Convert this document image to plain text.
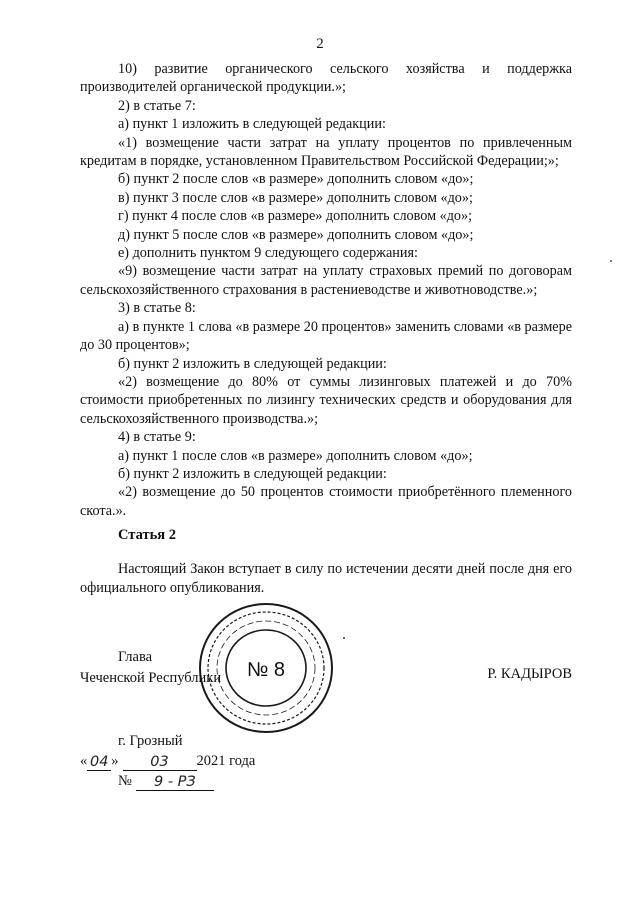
2

10) развитие органического сельского хозяйства и поддержка производителей органической продукции.»;

2) в статье 7:

а) пункт 1 изложить в следующей редакции:

«1) возмещение части затрат на уплату процентов по привлеченным кредитам в порядке, установленном Правительством Российской Федерации;»;

б) пункт 2 после слов «в размере» дополнить словом «до»;

в) пункт 3 после слов «в размере» дополнить словом «до»;

г) пункт 4 после слов «в размере» дополнить словом «до»;

д) пункт 5 после слов «в размере» дополнить словом «до»;

е) дополнить пунктом 9 следующего содержания:

«9) возмещение части затрат на уплату страховых премий по договорам сельскохозяйственного страхования в растениеводстве и животноводстве.»;

3) в статье 8:

а) в пункте 1 слова «в размере 20 процентов» заменить словами «в размере до 30 процентов»;

б) пункт 2 изложить в следующей редакции:

«2) возмещение до 80% от суммы лизинговых платежей и до 70% стоимости приобретенных по лизингу технических средств и оборудования для сельскохозяйственного производства.»;

4) в статье 9:

а) пункт 1 после слов «в размере» дополнить словом «до»;

б) пункт 2 изложить в следующей редакции:

«2) возмещение до 50 процентов стоимости приобретённого племенного скота.».

Статья 2

Настоящий Закон вступает в силу по истечении десяти дней после дня его официального опубликования.

№ 8
Глава
Чеченской Республики	Р. КАДЫРОВ
г. Грозный
« 04 » 03 2021 года
№ 9 - РЗ
